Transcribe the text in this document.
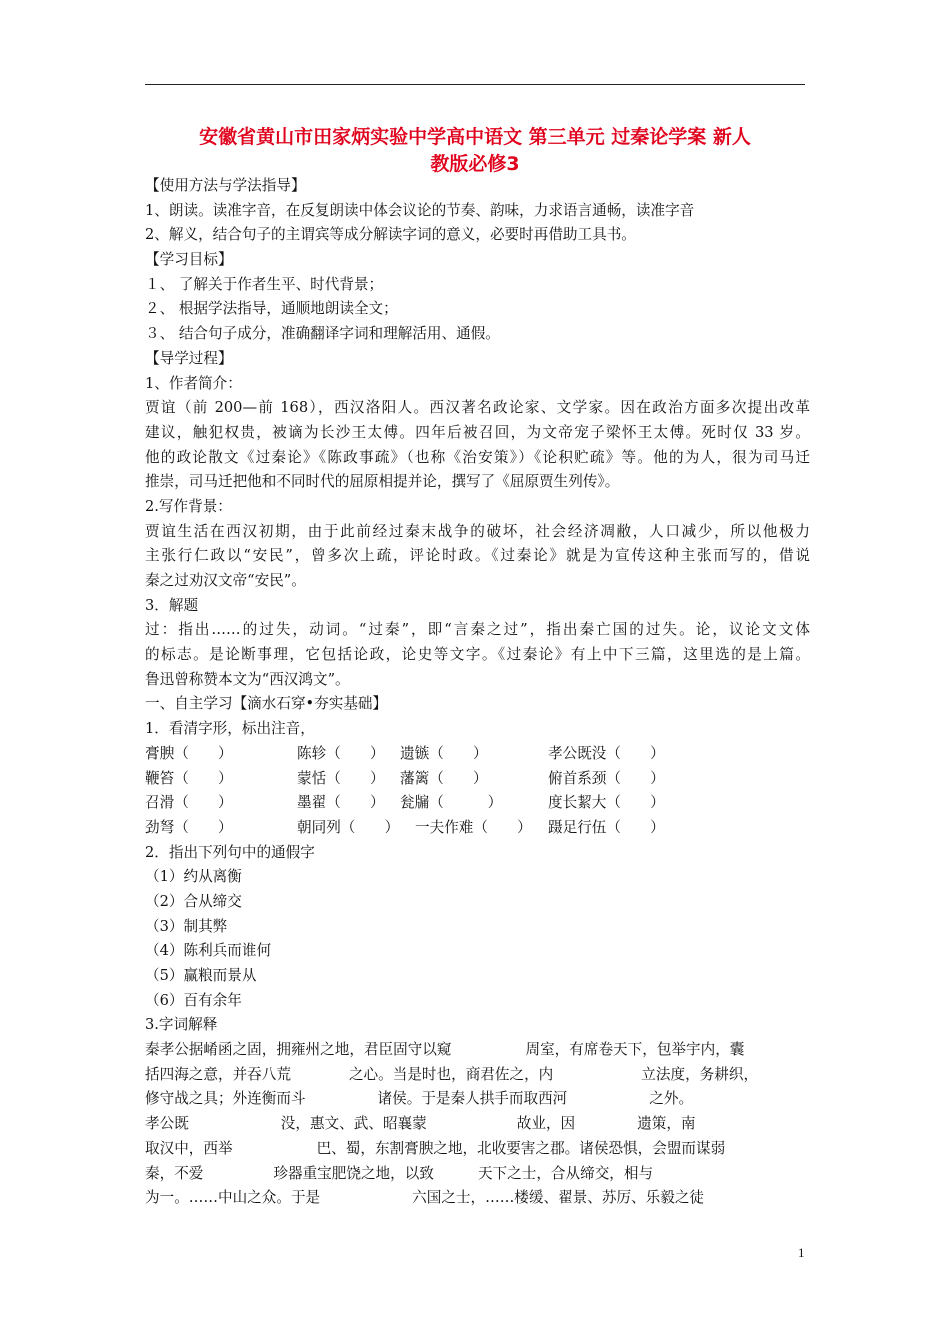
安徽省黄山市田家炳实验中学高中语文 第三单元 过秦论学案 新人
教版必修3
【使用方法与学法指导】
1、朗读。读准字音，在反复朗读中体会议论的节奏、韵味，力求语言通畅，读准字音
2、解义，结合句子的主谓宾等成分解读字词的意义，必要时再借助工具书。
【学习目标】
１、 了解关于作者生平、时代背景；
２、 根据学法指导，通顺地朗读全文；
３、 结合句子成分，准确翻译字词和理解活用、通假。
【导学过程】
1、作者简介：
贾谊（前 200—前 168），西汉洛阳人。西汉著名政论家、文学家。因在政治方面多次提出改革
建议，触犯权贵，被谪为长沙王太傅。四年后被召回，为文帝宠子梁怀王太傅。死时仅 33 岁。
他的政论散文《过秦论》《陈政事疏》（也称《治安策》）《论积贮疏》等。他的为人，很为司马迁
推崇，司马迁把他和不同时代的屈原相提并论，撰写了《屈原贾生列传》。
2.写作背景：
贾谊生活在西汉初期，由于此前经过秦末战争的破坏，社会经济凋敝，人口减少，所以他极力
主张行仁政以“安民”，曾多次上疏，评论时政。《过秦论》就是为宣传这种主张而写的，借说
秦之过劝汉文帝“安民”。
3．解题
过：指出……的过失，动词。“过秦”，即“言秦之过”，指出秦亡国的过失。论，议论文文体
的标志。是论断事理，它包括论政，论史等文字。《过秦论》有上中下三篇，这里选的是上篇。
鲁迅曾称赞本文为“西汉鸿文”。
一、自主学习【滴水石穿•夯实基础】
1．看清字形，标出注音，
膏腴（　　）	陈轸（　　） 遗镞（　　）	孝公既没（　　）
鞭笞（　　）	蒙恬（　　） 藩篱（　　）	俯首系颈（　　）
召滑（　　）	墨翟（　　） 瓮牖（　　　）	度长絜大（　　）
劲弩（　　）	朝同列（　　） 一夫作难（　　） 蹑足行伍（　　）
2．指出下列句中的通假字
（1）约从离衡
（2）合从缔交
（3）制其弊
（4）陈利兵而谁何
（5）赢粮而景从
（6）百有余年
3.字词解释
秦孝公据崤函之固，拥雍州之地，君臣固守以窥	周室，有席卷天下，包举宇内，囊
括四海之意，并吞八荒	之心。当是时也，商君佐之，内	立法度，务耕织，
修守战之具；外连衡而斗	诸侯。于是秦人拱手而取西河	之外。
孝公既	没，惠文、武、昭襄蒙	故业，因	遗策，南
取汉中，西举	巴、蜀，东割膏腴之地，北收要害之郡。诸侯恐惧，会盟而谋弱
秦，不爱	珍器重宝肥饶之地，以致	天下之士，合从缔交，相与
为一。……中山之众。于是	六国之士，……楼缓、翟景、苏厉、乐毅之徒
1
